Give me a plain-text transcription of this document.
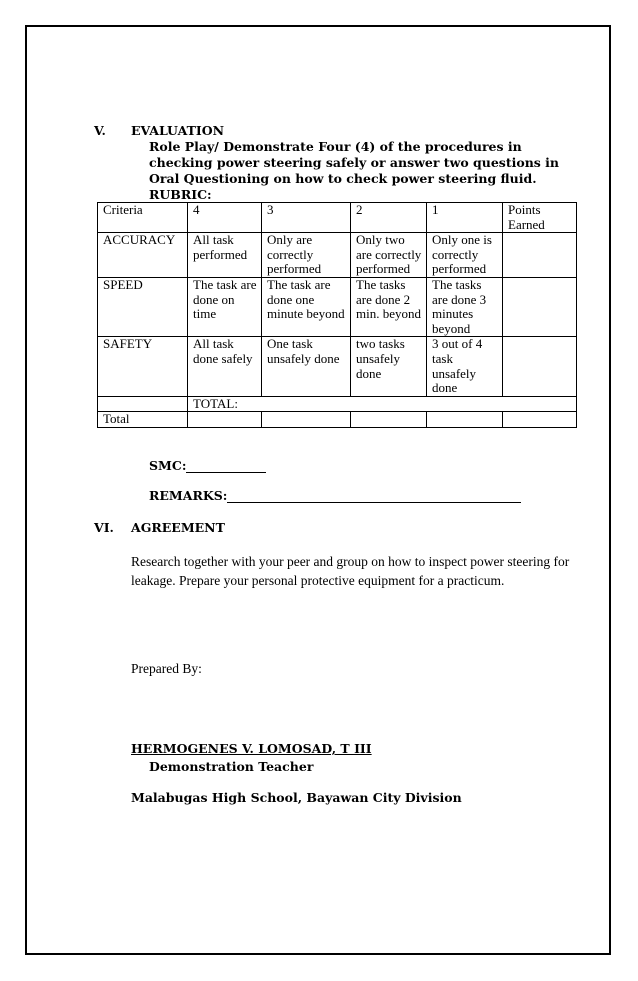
V. EVALUATION
Role Play/ Demonstrate Four (4) of the procedures in checking power steering safely or answer two questions in Oral Questioning on how to check power steering fluid.
RUBRIC:
Criteria	4	3	2	1	Points Earned
ACCURACY	All task performed	Only are correctly performed	Only two are correctly performed	Only one is correctly performed	
SPEED	The task are done on time	The task are done one minute beyond	The tasks are done 2 min. beyond	The tasks are done 3 minutes beyond	
SAFETY	All task done safely	One task unsafely done	two tasks unsafely done	3 out of 4 task unsafely done	
	TOTAL:				
Total					
SMC:
REMARKS:
VI. AGREEMENT
Research together with your peer and group on how to inspect power steering for leakage. Prepare your personal protective equipment for a practicum.
Prepared By:
HERMOGENES V. LOMOSAD, T III
Demonstration Teacher
Malabugas High School, Bayawan City Division
